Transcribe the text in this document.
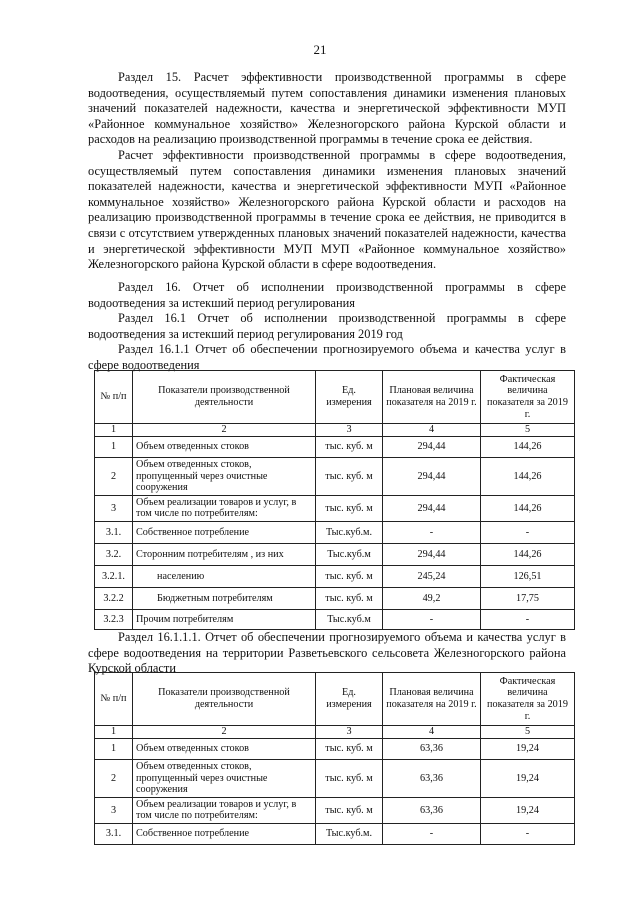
21

Раздел 15. Расчет эффективности производственной программы в сфере водоотведения, осуществляемый путем сопоставления динамики изменения плановых значений показателей надежности, качества и энергетической эффективности МУП «Районное коммунальное хозяйство» Железногорского района Курской области и расходов на реализацию производственной программы в течение срока ее действия.

Расчет эффективности производственной программы в сфере водоотведения, осуществляемый путем сопоставления динамики изменения плановых значений показателей надежности, качества и энергетической эффективности МУП «Районное коммунальное хозяйство» Железногорского района Курской области и расходов на реализацию производственной программы в течение срока ее действия, не приводится в связи с отсутствием утвержденных плановых значений показателей надежности, качества и энергетической эффективности МУП МУП «Районное коммунальное хозяйство» Железногорского района Курской области в сфере водоотведения.

Раздел 16. Отчет об исполнении производственной программы в сфере водоотведения за истекший период регулирования

Раздел 16.1 Отчет об исполнении производственной программы в сфере водоотведения за истекший период регулирования 2019 год

Раздел 16.1.1 Отчет об обеспечении прогнозируемого объема и качества услуг в сфере водоотведения

№ п/п	Показатели производственной деятельности	Ед. измерения	Плановая величина показателя на 2019 г.	Фактическая величина показателя за 2019 г.
1	2	3	4	5
1	Объем отведенных стоков	тыс. куб. м	294,44	144,26
2	Объем отведенных стоков, пропущенный через очистные сооружения	тыс. куб. м	294,44	144,26
3	Объем реализации товаров и услуг, в том числе по потребителям:	тыс. куб. м	294,44	144,26
3.1.	Собственное потребление	Тыс.куб.м.	-	-
3.2.	Сторонним потребителям , из них	Тыс.куб.м	294,44	144,26
3.2.1.	населению	тыс. куб. м	245,24	126,51
3.2.2	Бюджетным потребителям	тыс. куб. м	49,2	17,75
3.2.3	Прочим потребителям	Тыс.куб.м	-	-

Раздел 16.1.1.1. Отчет об обеспечении прогнозируемого объема и качества услуг в сфере водоотведения на территории Разветьевского сельсовета Железногорского района Курской области

№ п/п	Показатели производственной деятельности	Ед. измерения	Плановая величина показателя на 2019 г.	Фактическая величина показателя за 2019 г.
1	2	3	4	5
1	Объем отведенных стоков	тыс. куб. м	63,36	19,24
2	Объем отведенных стоков, пропущенный через очистные сооружения	тыс. куб. м	63,36	19,24
3	Объем реализации товаров и услуг, в том числе по потребителям:	тыс. куб. м	63,36	19,24
3.1.	Собственное потребление	Тыс.куб.м.	-	-
